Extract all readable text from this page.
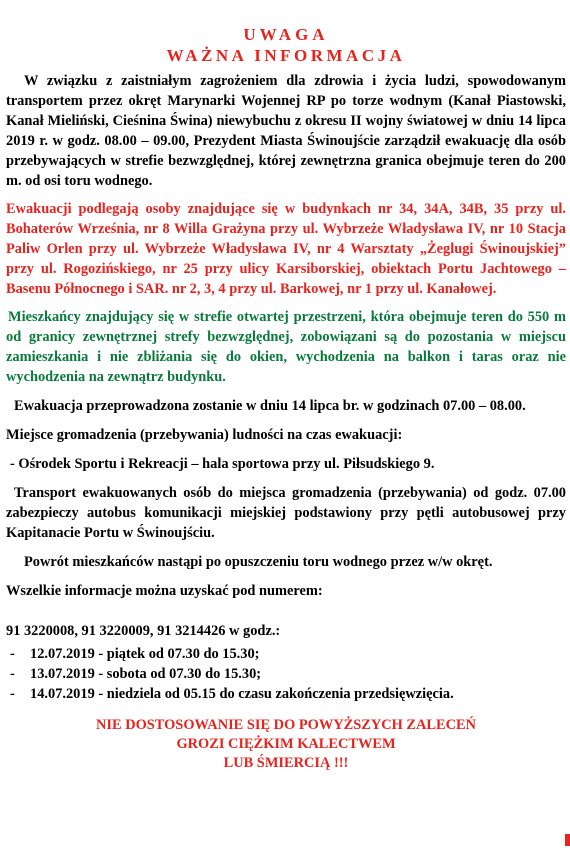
UWAGA
WAŻNA INFORMACJA

W związku z zaistniałym zagrożeniem dla zdrowia i życia ludzi, spowodowanym transportem przez okręt Marynarki Wojennej RP po torze wodnym (Kanał Piastowski, Kanał Mieliński, Cieśnina Świna) niewybuchu z okresu II wojny światowej w dniu 14 lipca 2019 r. w godz. 08.00 – 09.00, Prezydent Miasta Świnoujście zarządził ewakuację dla osób przebywających w strefie bezwzględnej, której zewnętrzna granica obejmuje teren do 200 m. od osi toru wodnego.

Ewakuacji podlegają osoby znajdujące się w budynkach nr 34, 34A, 34B, 35 przy ul. Bohaterów Września, nr 8 Willa Grażyna przy ul. Wybrzeże Władysława IV, nr 10 Stacja Paliw Orlen przy ul. Wybrzeże Władysława IV, nr 4 Warsztaty „Żeglugi Świnoujskiej” przy ul. Rogozińskiego, nr 25 przy ulicy Karsiborskiej, obiektach Portu Jachtowego – Basenu Północnego i SAR. nr 2, 3, 4 przy ul. Barkowej, nr 1 przy ul. Kanałowej.

Mieszkańcy znajdujący się w strefie otwartej przestrzeni, która obejmuje teren do 550 m od granicy zewnętrznej strefy bezwzględnej, zobowiązani są do pozostania w miejscu zamieszkania i nie zbliżania się do okien, wychodzenia na balkon i taras oraz nie wychodzenia na zewnątrz budynku.

Ewakuacja przeprowadzona zostanie w dniu 14 lipca br. w godzinach 07.00 – 08.00.

Miejsce gromadzenia (przebywania) ludności na czas ewakuacji:

- Ośrodek Sportu i Rekreacji – hala sportowa przy ul. Piłsudskiego 9.

Transport ewakuowanych osób do miejsca gromadzenia (przebywania) od godz. 07.00 zabezpieczy autobus komunikacji miejskiej podstawiony przy pętli autobusowej przy Kapitanacie Portu w Świnoujściu.

Powrót mieszkańców nastąpi po opuszczeniu toru wodnego przez w/w okręt.

Wszelkie informacje można uzyskać pod numerem:

91 3220008, 91 3220009, 91 3214426 w godz.:

- 12.07.2019 - piątek od 07.30 do 15.30;
- 13.07.2019 - sobota od 07.30 do 15.30;
- 14.07.2019 - niedziela od 05.15 do czasu zakończenia przedsięwzięcia.

NIE DOSTOSOWANIE SIĘ DO POWYŻSZYCH ZALECEŃ

GROZI CIĘŻKIM KALECTWEM

LUB ŚMIERCIĄ !!!
